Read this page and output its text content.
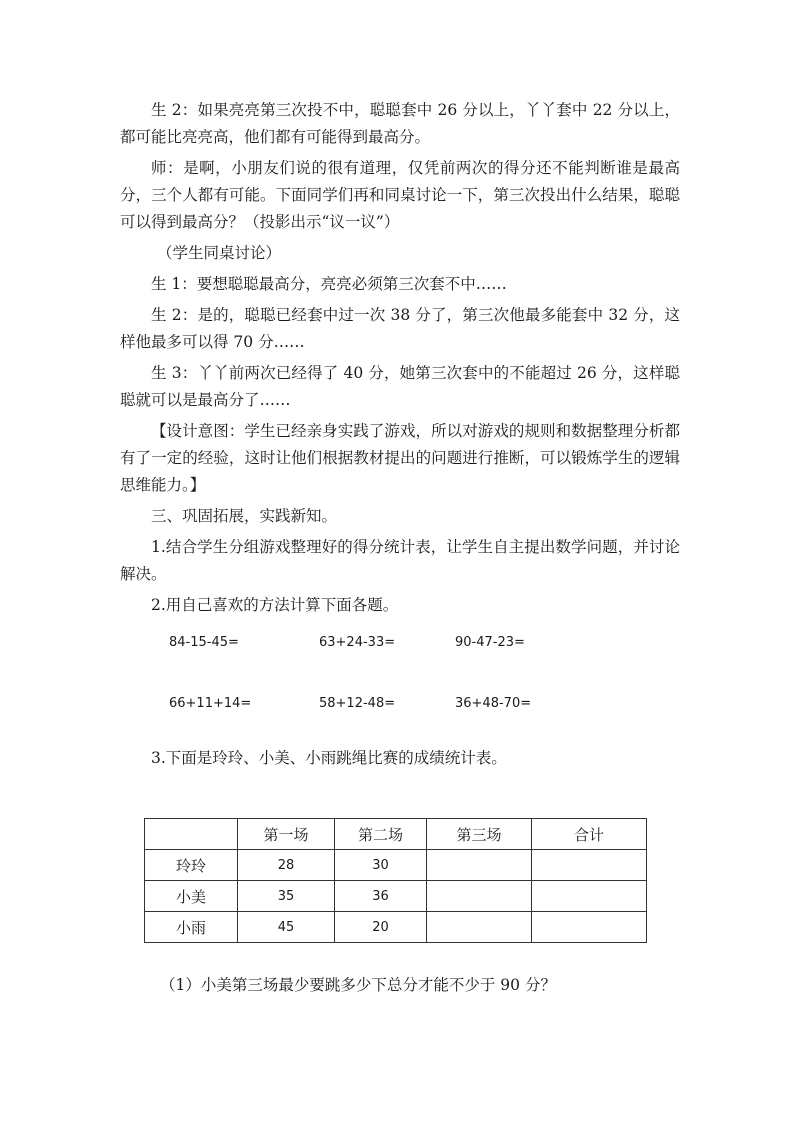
生 2：如果亮亮第三次投不中，聪聪套中 26 分以上，丫丫套中 22 分以上，都可能比亮亮高，他们都有可能得到最高分。

师：是啊，小朋友们说的很有道理，仅凭前两次的得分还不能判断谁是最高分，三个人都有可能。下面同学们再和同桌讨论一下，第三次投出什么结果，聪聪可以得到最高分？（投影出示“议一议”）

（学生同桌讨论）

生 1：要想聪聪最高分，亮亮必须第三次套不中……

生 2：是的，聪聪已经套中过一次 38 分了，第三次他最多能套中 32 分，这样他最多可以得 70 分……

生 3：丫丫前两次已经得了 40 分，她第三次套中的不能超过 26 分，这样聪聪就可以是最高分了……

【设计意图：学生已经亲身实践了游戏，所以对游戏的规则和数据整理分析都有了一定的经验，这时让他们根据教材提出的问题进行推断，可以锻炼学生的逻辑思维能力。】

三、巩固拓展，实践新知。

1.结合学生分组游戏整理好的得分统计表，让学生自主提出数学问题，并讨论解决。

2.用自己喜欢的方法计算下面各题。

84-15-45=	63+24-33=	90-47-23=
66+11+14=	58+12-48=	36+48-70=

3.下面是玲玲、小美、小雨跳绳比赛的成绩统计表。

	第一场	第二场	第三场	合计
玲玲	28	30		
小美	35	36		
小雨	45	20		
（1）小美第三场最少要跳多少下总分才能不少于 90 分？
